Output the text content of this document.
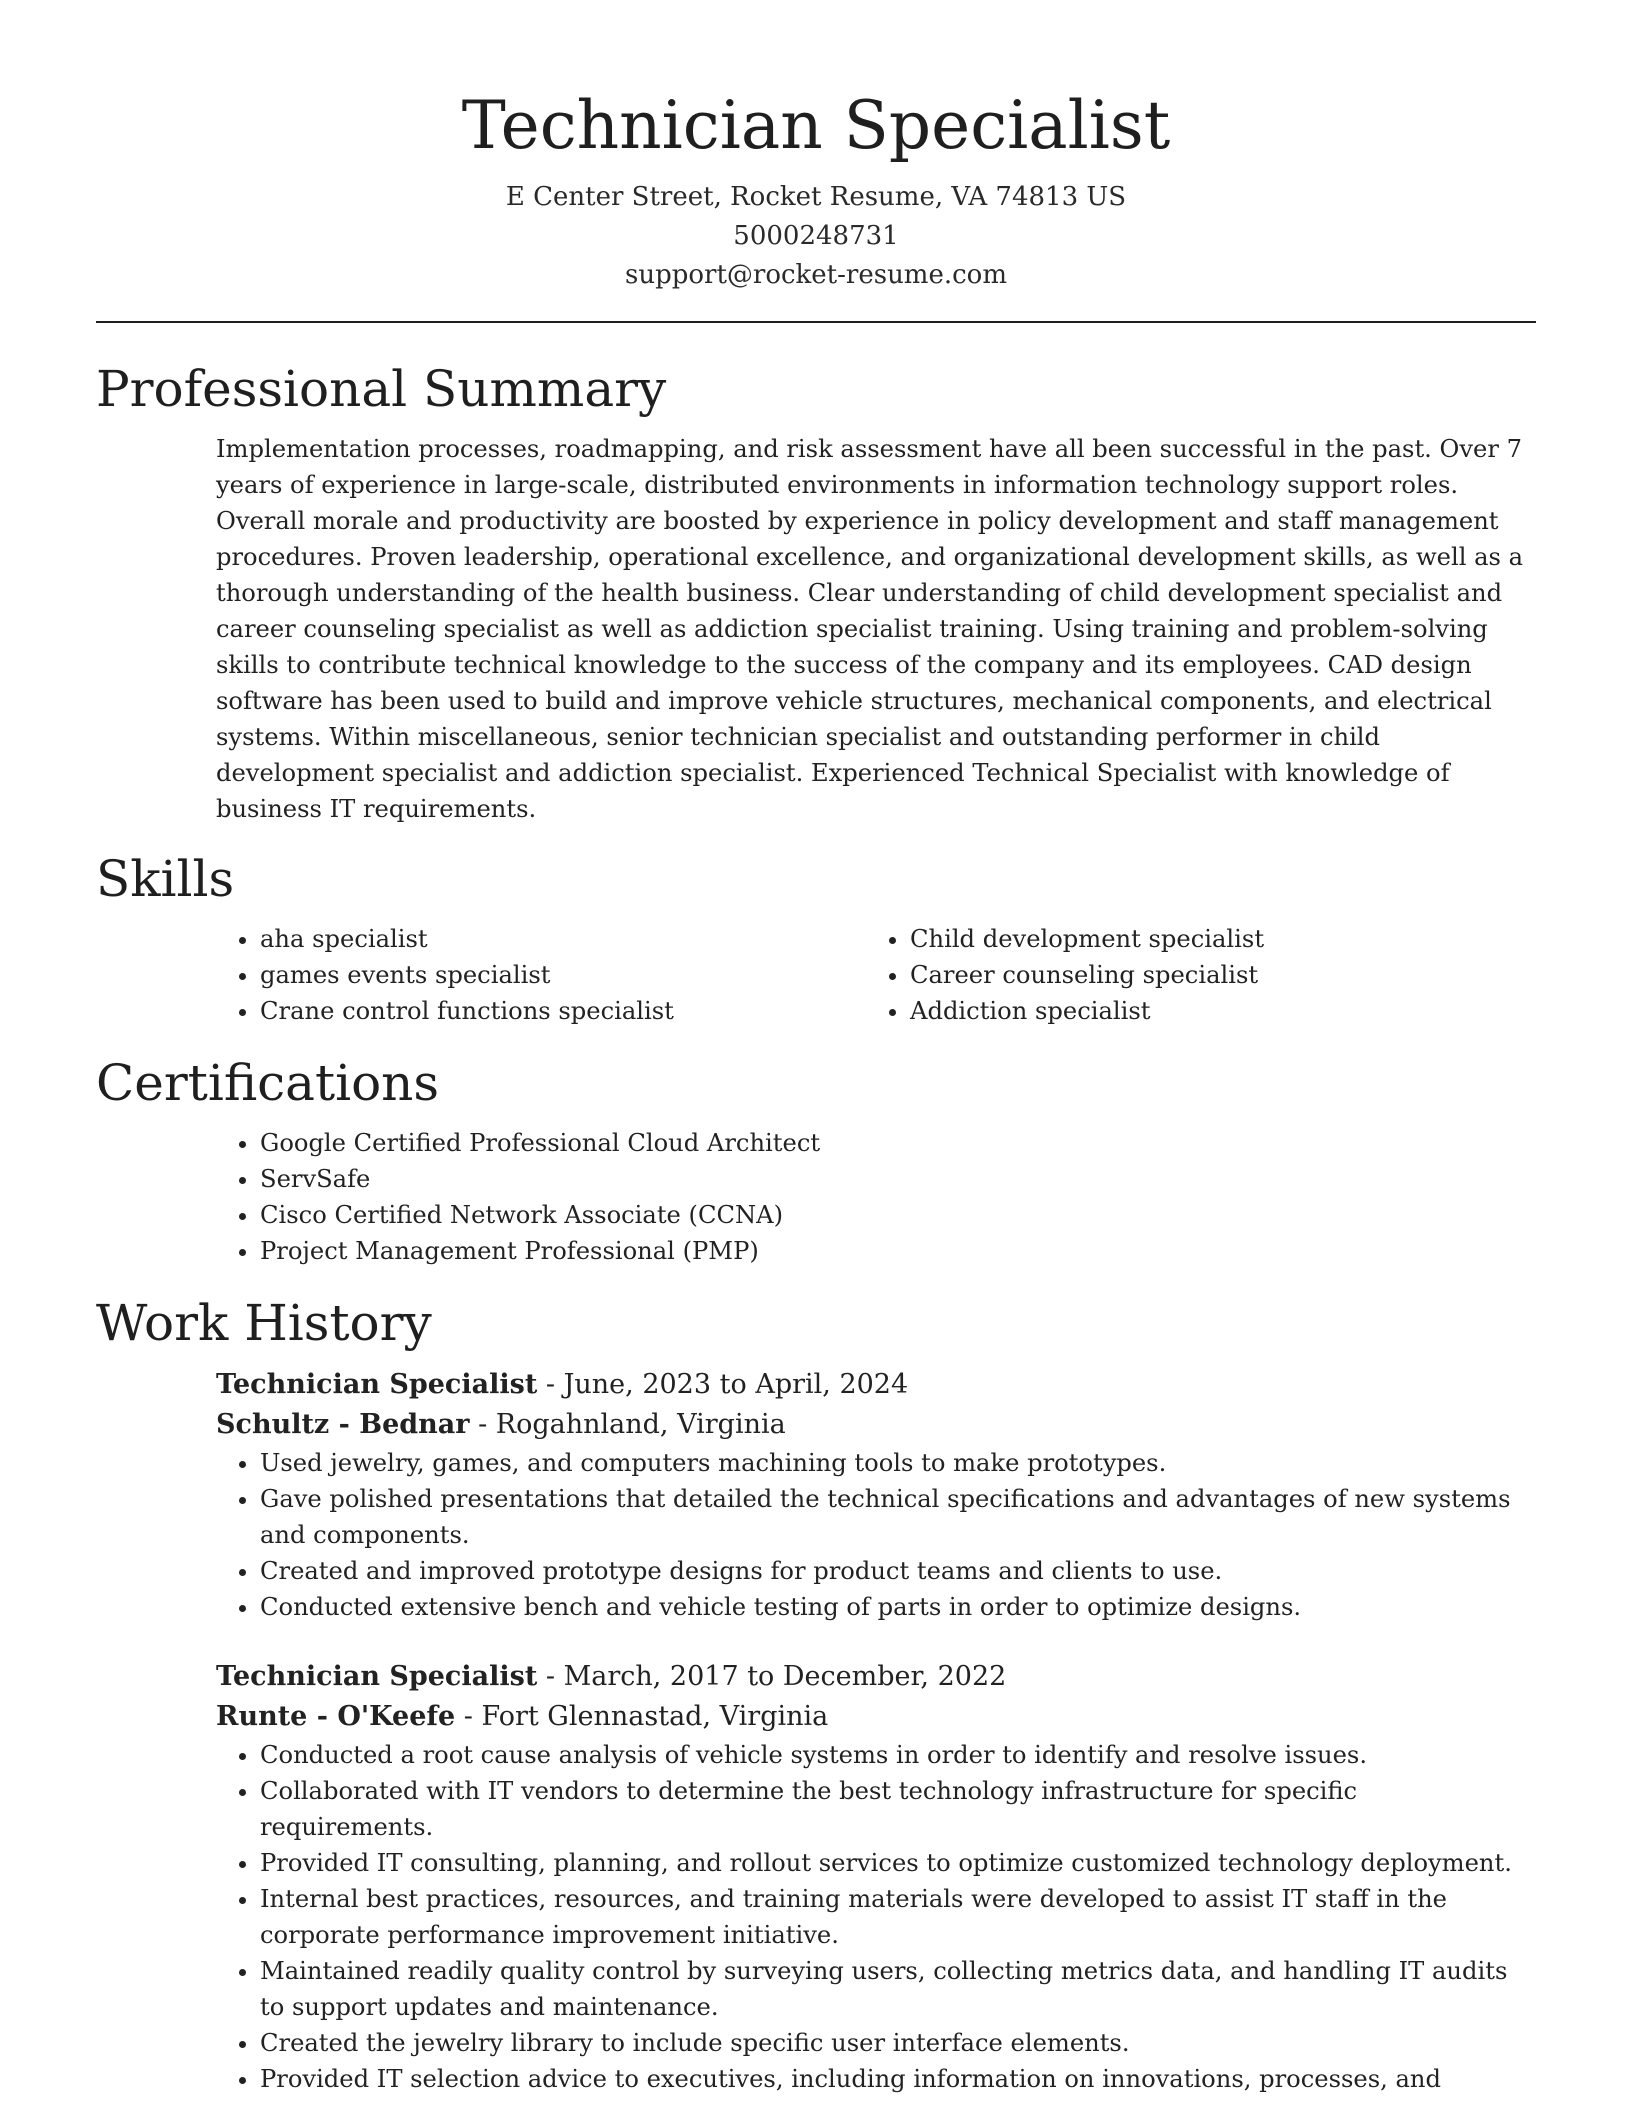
Technician Specialist
E Center Street, Rocket Resume, VA 74813 US
5000248731
support@rocket-resume.com
Professional Summary
Implementation processes, roadmapping, and risk assessment have all been successful in the past. Over 7 years of experience in large-scale, distributed environments in information technology support roles. Overall morale and productivity are boosted by experience in policy development and staff management procedures. Proven leadership, operational excellence, and organizational development skills, as well as a thorough understanding of the health business. Clear understanding of child development specialist and career counseling specialist as well as addiction specialist training. Using training and problem-solving skills to contribute technical knowledge to the success of the company and its employees. CAD design software has been used to build and improve vehicle structures, mechanical components, and electrical systems. Within miscellaneous, senior technician specialist and outstanding performer in child development specialist and addiction specialist. Experienced Technical Specialist with knowledge of business IT requirements.
Skills
• aha specialist
• games events specialist
• Crane control functions specialist
• Child development specialist
• Career counseling specialist
• Addiction specialist
Certifications
• Google Certified Professional Cloud Architect
• ServSafe
• Cisco Certified Network Associate (CCNA)
• Project Management Professional (PMP)
Work History
Technician Specialist - June, 2023 to April, 2024
Schultz - Bednar - Rogahnland, Virginia
• Used jewelry, games, and computers machining tools to make prototypes.
• Gave polished presentations that detailed the technical specifications and advantages of new systems and components.
• Created and improved prototype designs for product teams and clients to use.
• Conducted extensive bench and vehicle testing of parts in order to optimize designs.
Technician Specialist - March, 2017 to December, 2022
Runte - O'Keefe - Fort Glennastad, Virginia
• Conducted a root cause analysis of vehicle systems in order to identify and resolve issues.
• Collaborated with IT vendors to determine the best technology infrastructure for specific requirements.
• Provided IT consulting, planning, and rollout services to optimize customized technology deployment.
• Internal best practices, resources, and training materials were developed to assist IT staff in the corporate performance improvement initiative.
• Maintained readily quality control by surveying users, collecting metrics data, and handling IT audits to support updates and maintenance.
• Created the jewelry library to include specific user interface elements.
• Provided IT selection advice to executives, including information on innovations, processes, and
